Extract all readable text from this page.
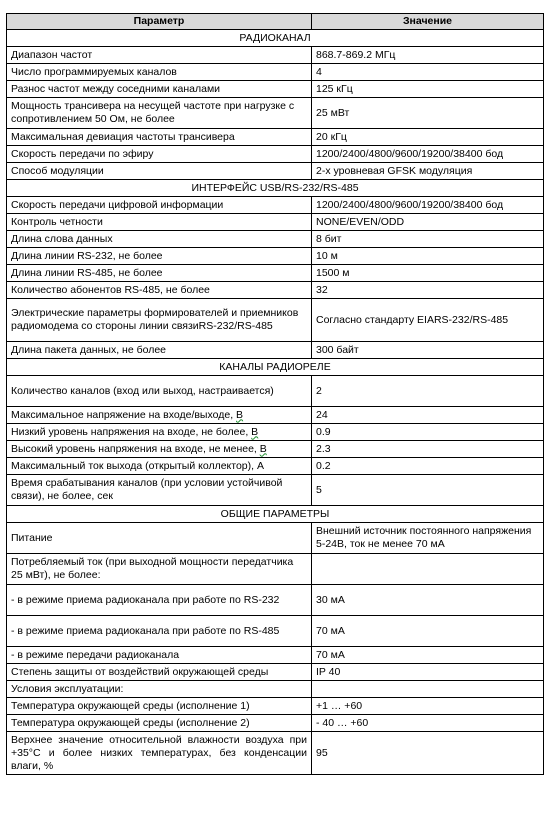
Параметр	Значение
РАДИОКАНАЛ	
Диапазон частот	868.7-869.2 МГц
Число программируемых каналов	4
Разнос частот между соседними каналами	125 кГц
Мощность трансивера на несущей частоте при нагрузке с сопротивлением 50 Ом, не более	25 мВт
Максимальная девиация частоты трансивера	20 кГц
Скорость передачи по эфиру	1200/2400/4800/9600/19200/38400 бод
Способ модуляции	2-х уровневая GFSK модуляция
ИНТЕРФЕЙС USB/RS-232/RS-485	
Скорость передачи цифровой информации	1200/2400/4800/9600/19200/38400 бод
Контроль четности	NONE/EVEN/ODD
Длина слова данных	8 бит
Длина линии RS-232, не более	10 м
Длина линии RS-485, не более	1500 м
Количество абонентов RS-485, не более	32
Электрические параметры формирователей и приемников радиомодема со стороны линии связиRS-232/RS-485	Согласно стандарту EIARS-232/RS-485
Длина пакета данных, не более	300 байт
КАНАЛЫ РАДИОРЕЛЕ	
Количество каналов (вход или выход, настраивается)	2
Максимальное напряжение на входе/выходе, В	24
Низкий уровень напряжения на входе, не более, В	0.9
Высокий уровень напряжения на входе, не менее, В	2.3
Максимальный ток выхода (открытый коллектор), А	0.2
Время срабатывания каналов (при условии устойчивой связи), не более, сек	5
ОБЩИЕ ПАРАМЕТРЫ	
Питание	Внешний источник постоянного напряжения 5-24В, ток не менее 70 мА
Потребляемый ток (при выходной мощности передатчика 25 мВт), не более:	
- в режиме приема радиоканала при работе по RS-232	30 мА
- в режиме приема радиоканала при работе по RS-485	70 мА
- в режиме передачи радиоканала	70 мА
Степень защиты от воздействий окружающей среды	IP 40
Условия эксплуатации:	
Температура окружающей среды (исполнение 1)	+1 … +60
Температура окружающей среды (исполнение 2)	- 40 … +60
Верхнее значение относительной влажности воздуха при +35°С и более низких температурах, без конденсации влаги, %	95
